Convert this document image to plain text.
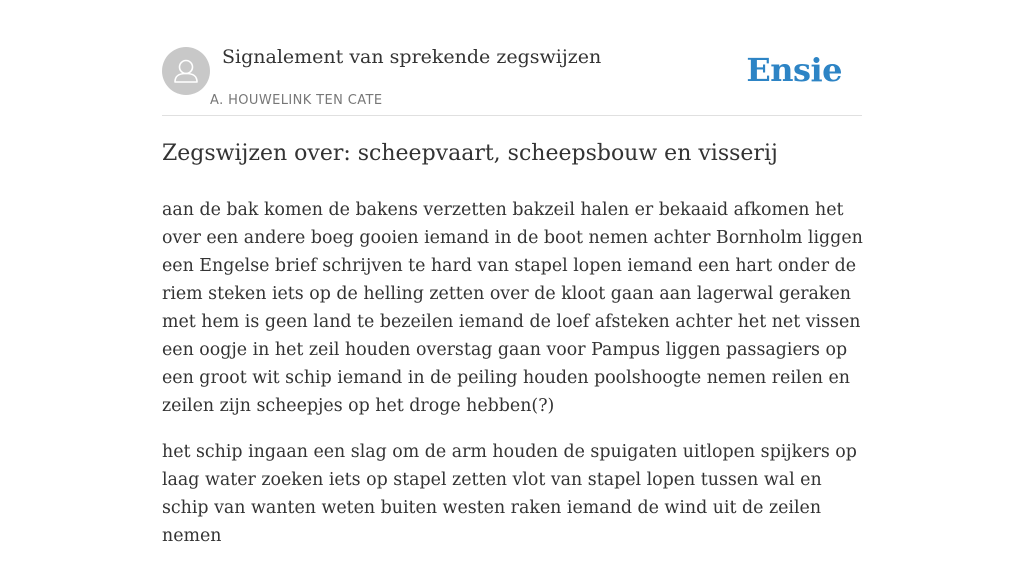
Signalement van sprekende zegswijzen
A. HOUWELINK TEN CATE
Ensie
Zegswijzen over: scheepvaart, scheepsbouw en visserij

aan de bak komen de bakens verzetten bakzeil halen er bekaaid afkomen het over een andere boeg gooien iemand in de boot nemen achter Bornholm liggen een Engelse brief schrijven te hard van stapel lopen iemand een hart onder de riem steken iets op de helling zetten over de kloot gaan aan lagerwal geraken met hem is geen land te bezeilen iemand de loef afsteken achter het net vissen een oogje in het zeil houden overstag gaan voor Pampus liggen passagiers op een groot wit schip iemand in de peiling houden poolshoogte nemen reilen en zeilen zijn scheepjes op het droge hebben(?)

het schip ingaan een slag om de arm houden de spuigaten uitlopen spijkers op laag water zoeken iets op stapel zetten vlot van stapel lopen tussen wal en schip van wanten weten buiten westen raken iemand de wind uit de zeilen nemen
